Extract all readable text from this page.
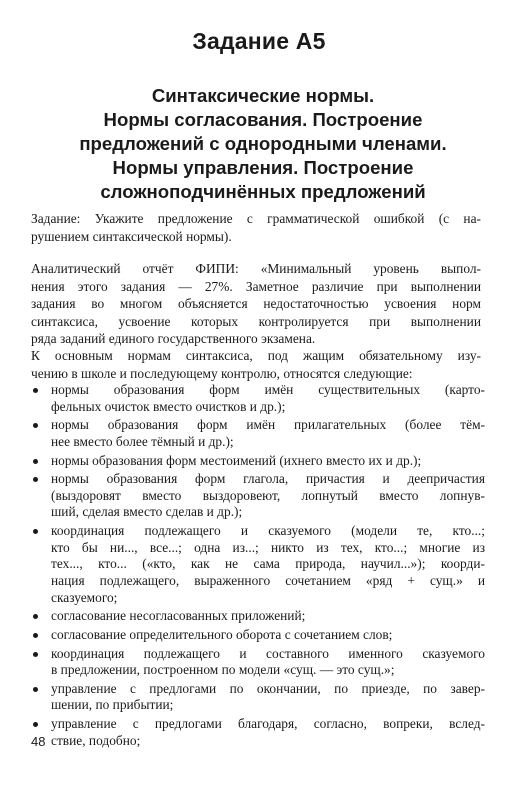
Задание А5
Синтаксические нормы.
Нормы согласования. Построение
предложений с однородными членами.
Нормы управления. Построение
сложноподчинённых предложений
Задание: Укажите предложение с грамматической ошибкой (с на-
рушением синтаксической нормы).
Аналитический отчёт ФИПИ: «Минимальный уровень выпол-
нения этого задания — 27%. Заметное различие при выполнении
задания во многом объясняется недостаточностью усвоения норм
синтаксиса, усвоение которых контролируется при выполнении
ряда заданий единого государственного экзамена.
К основным нормам синтаксиса, под жащим обязательному изу-
чению в школе и последующему контролю, относятся следующие:
нормы образования форм имён существительных (карто-
фельных очисток вместо очистков и др.);
нормы образования форм имён прилагательных (более тём-
нее вместо более тёмный и др.);
нормы образования форм местоимений (ихнего вместо их и др.);
нормы образования форм глагола, причастия и деепричастия
(выздоровят вместо выздоровеют, лопнутый вместо лопнув-
ший, сделая вместо сделав и др.);
координация подлежащего и сказуемого (модели те, кто...;
кто бы ни..., все...; одна из...; никто из тех, кто...; многие из
тех..., кто... («кто, как не сама природа, научил...»); коорди-
нация подлежащего, выраженного сочетанием «ряд + сущ.» и
сказуемого;
согласование несогласованных приложений;
согласование определительного оборота с сочетанием слов;
координация подлежащего и составного именного сказуемого
в предложении, построенном по модели «сущ. — это сущ.»;
управление с предлогами по окончании, по приезде, по завер-
шении, по прибытии;
управление с предлогами благодаря, согласно, вопреки, вслед-
ствие, подобно;
48
